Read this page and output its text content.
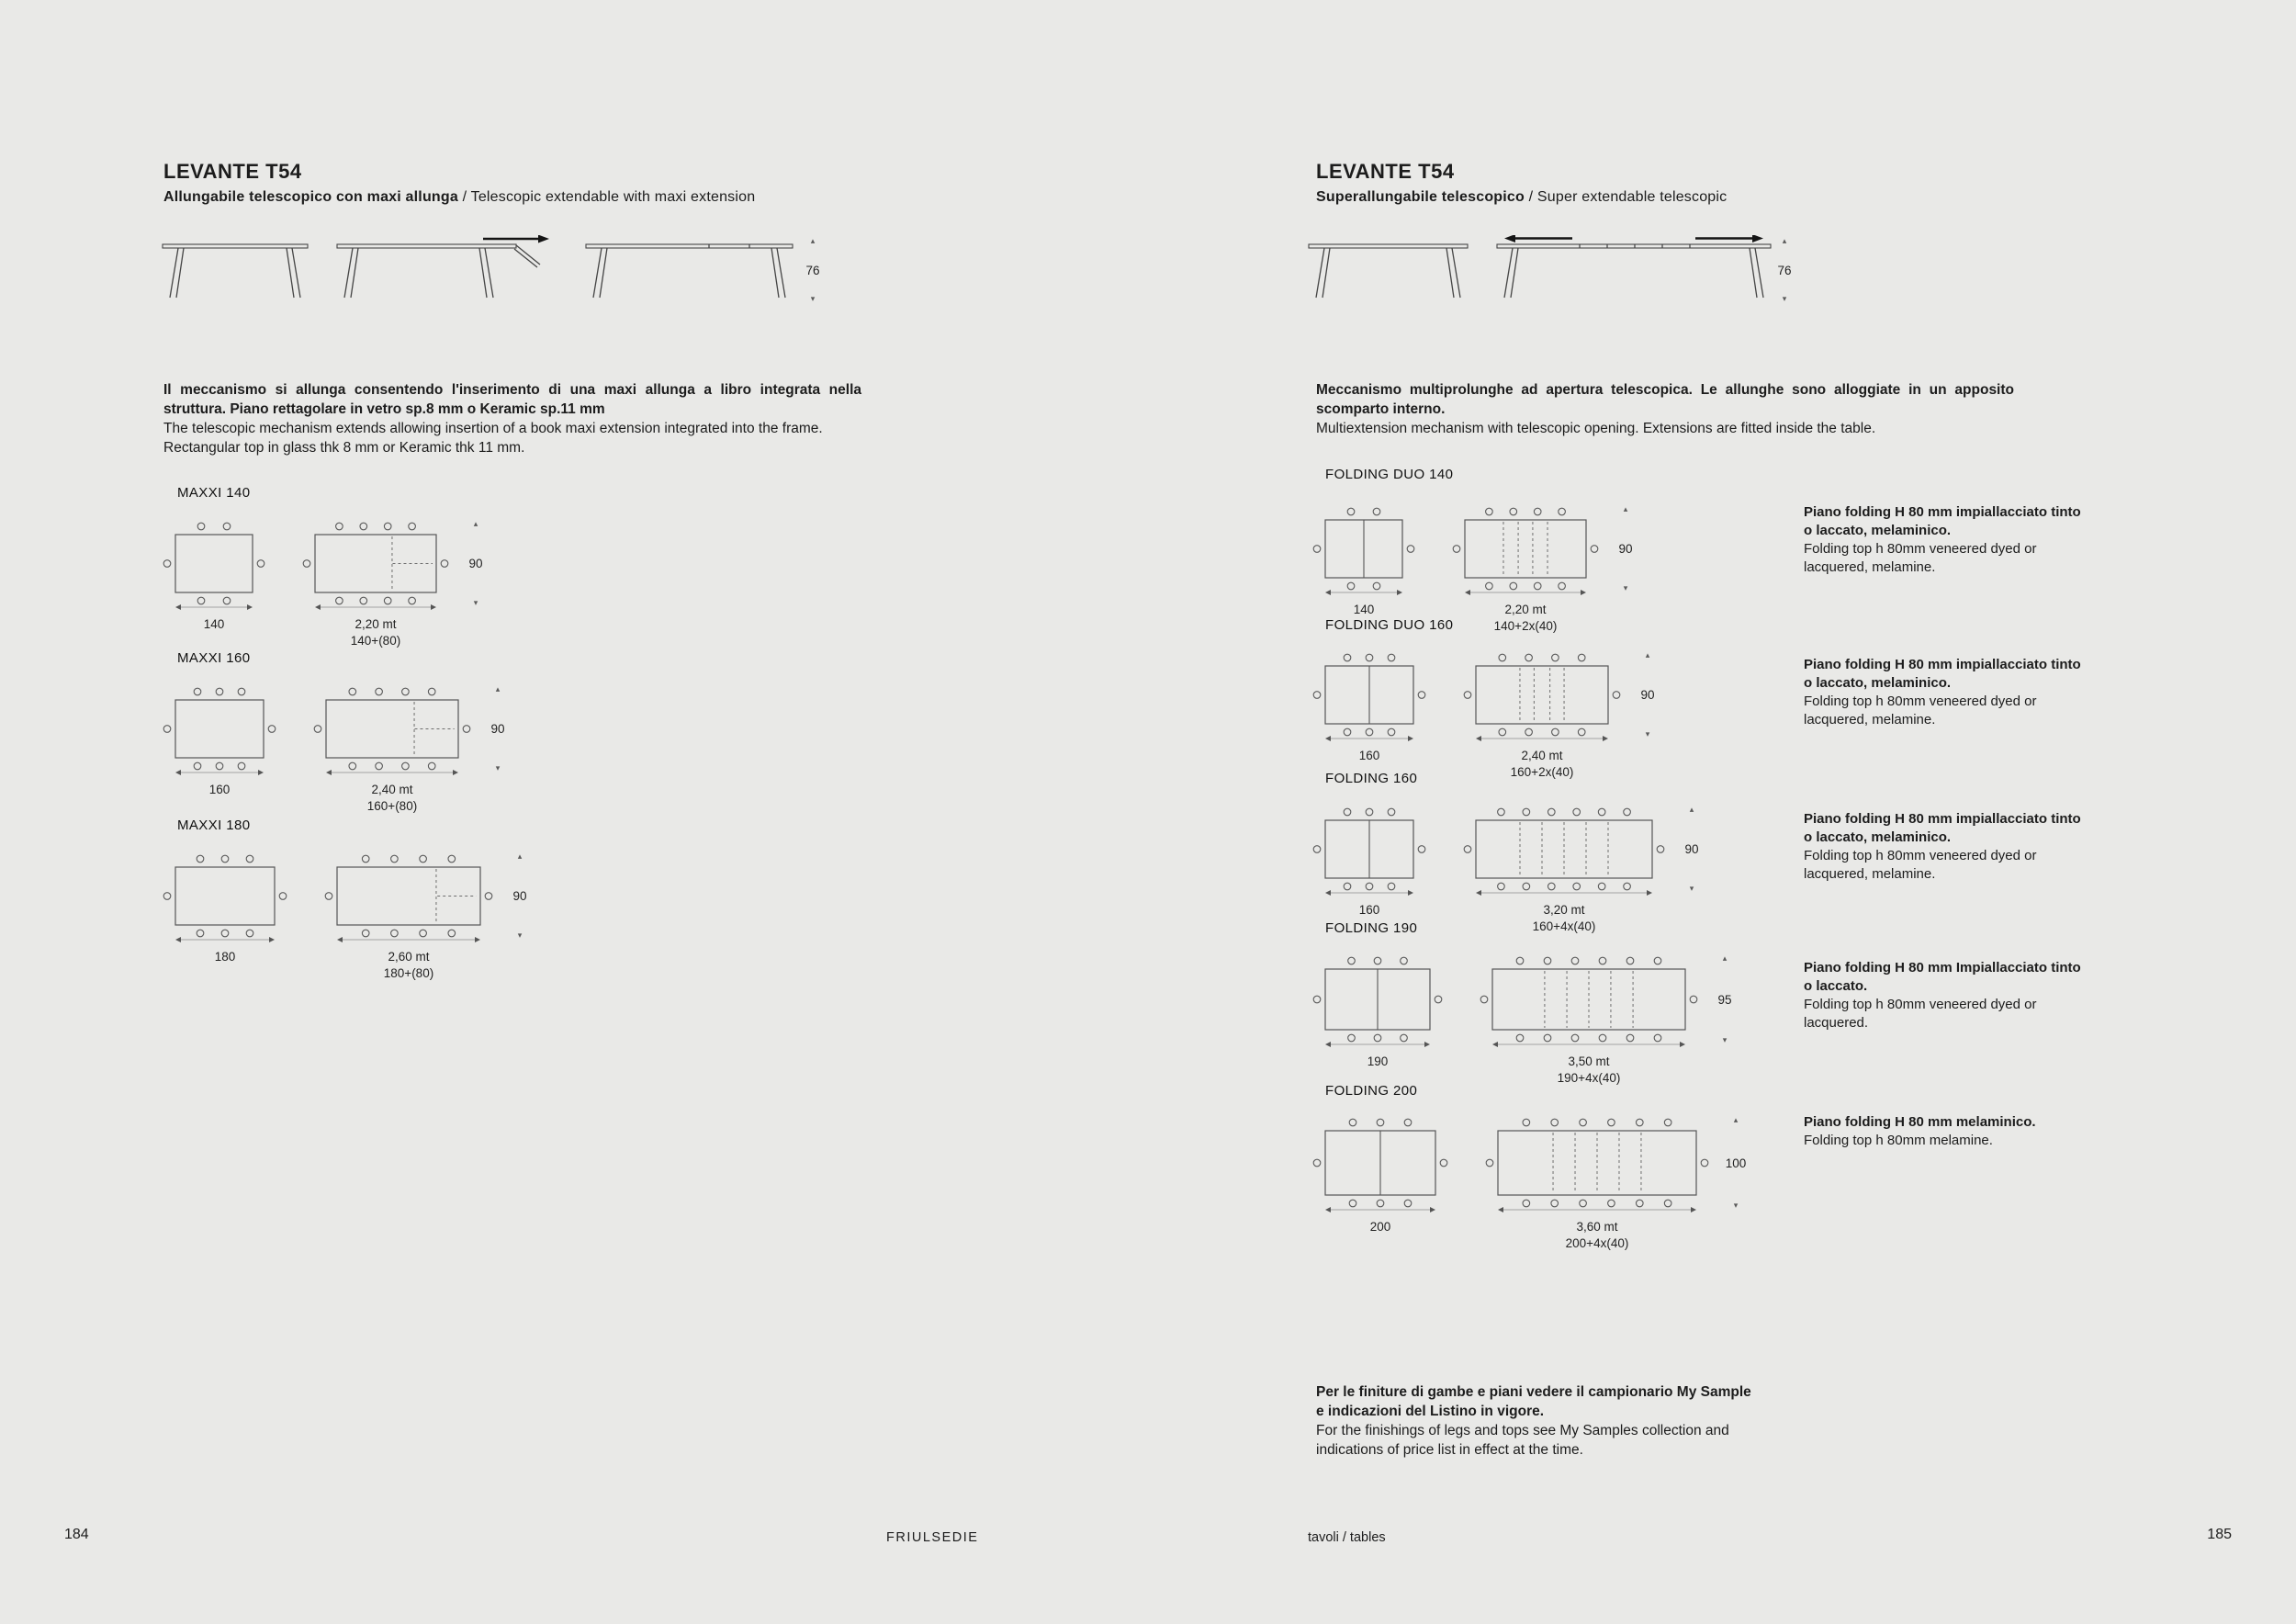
LEVANTE T54
Allungabile telescopico con maxi allunga / Telescopic extendable with maxi extension
▴
76
▾
Il meccanismo si allunga consentendo l'inserimento di una maxi allunga a libro integrata nella struttura. Piano rettagolare in vetro sp.8 mm o Keramic sp.11 mm
The telescopic mechanism extends allowing insertion of a book maxi extension integrated into the frame. Rectangular top in glass thk 8 mm or Keramic thk 11 mm.
MAXXI 140
140	2,20 mt
140+(80)
▴
90
▾
MAXXI 160
160	2,40 mt
160+(80)
▴
90
▾
MAXXI 180
180	2,60 mt
180+(80)
▴
90
▾
LEVANTE T54
Superallungabile telescopico / Super extendable telescopic
▴
76
▾
Meccanismo multiprolunghe ad apertura telescopica. Le allunghe sono alloggiate in un apposito scomparto interno.
Multiextension mechanism with telescopic opening. Extensions are fitted inside the table.
FOLDING DUO 140
140	2,20 mt
140+2x(40)
▴
90
▾
Piano folding H 80 mm impiallacciato tinto o laccato, melaminico.
Folding top h 80mm veneered dyed or lacquered, melamine.
FOLDING DUO 160
160	2,40 mt
160+2x(40)
▴
90
▾
Piano folding H 80 mm impiallacciato tinto o laccato, melaminico.
Folding top h 80mm veneered dyed or lacquered, melamine.
FOLDING 160
160	3,20 mt
160+4x(40)
▴
90
▾
Piano folding H 80 mm impiallacciato tinto o laccato, melaminico.
Folding top h 80mm veneered dyed or lacquered, melamine.
FOLDING 190
190	3,50 mt
190+4x(40)
▴
95
▾
Piano folding H 80 mm Impiallacciato tinto o laccato.
Folding top h 80mm veneered dyed or lacquered.
FOLDING 200
200	3,60 mt
200+4x(40)
▴
100
▾
Piano folding H 80 mm melaminico.
Folding top h 80mm melamine.
Per le finiture di gambe e piani vedere il campionario My Sample e indicazioni del Listino in vigore.
For the finishings of legs and tops see My Samples collection and indications of price list in effect at the time.
184	FRIULSEDIE	tavoli / tables	185
